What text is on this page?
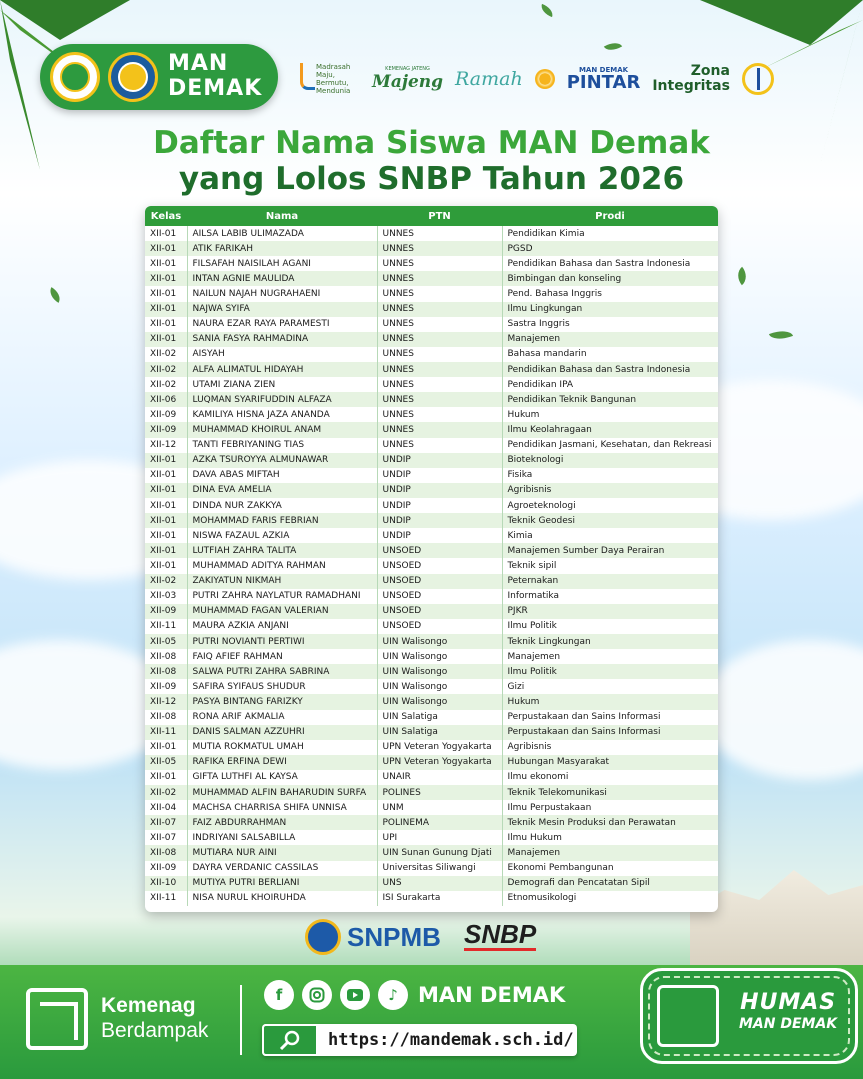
MAN
DEMAK
Madrasah Maju, Bermutu, Mendunia
KEMENAG JATENG
Majeng Ramah	MAN DEMAK
PINTAR
Zona
Integritas
Daftar Nama Siswa MAN Demak
yang Lolos SNBP Tahun 2026
Kelas	Nama	PTN	Prodi
XII-01	AILSA LABIB ULIMAZADA	UNNES	Pendidikan Kimia
XII-01	ATIK FARIKAH	UNNES	PGSD
XII-01	FILSAFAH NAISILAH AGANI	UNNES	Pendidikan Bahasa dan Sastra Indonesia
XII-01	INTAN AGNIE MAULIDA	UNNES	Bimbingan dan konseling
XII-01	NAILUN NAJAH NUGRAHAENI	UNNES	Pend. Bahasa Inggris
XII-01	NAJWA SYIFA	UNNES	Ilmu Lingkungan
XII-01	NAURA EZAR RAYA PARAMESTI	UNNES	Sastra Inggris
XII-01	SANIA FASYA RAHMADINA	UNNES	Manajemen
XII-02	AISYAH	UNNES	Bahasa mandarin
XII-02	ALFA ALIMATUL HIDAYAH	UNNES	Pendidikan Bahasa dan Sastra Indonesia
XII-02	UTAMI ZIANA ZIEN	UNNES	Pendidikan IPA
XII-06	LUQMAN SYARIFUDDIN ALFAZA	UNNES	Pendidikan Teknik Bangunan
XII-09	KAMILIYA HISNA JAZA ANANDA	UNNES	Hukum
XII-09	MUHAMMAD KHOIRUL ANAM	UNNES	Ilmu Keolahragaan
XII-12	TANTI FEBRIYANING TIAS	UNNES	Pendidikan Jasmani, Kesehatan, dan Rekreasi
XII-01	AZKA TSUROYYA ALMUNAWAR	UNDIP	Bioteknologi
XII-01	DAVA ABAS MIFTAH	UNDIP	Fisika
XII-01	DINA EVA AMELIA	UNDIP	Agribisnis
XII-01	DINDA NUR ZAKKYA	UNDIP	Agroeteknologi
XII-01	MOHAMMAD FARIS FEBRIAN	UNDIP	Teknik Geodesi
XII-01	NISWA FAZAUL AZKIA	UNDIP	Kimia
XII-01	LUTFIAH ZAHRA TALITA	UNSOED	Manajemen Sumber Daya Perairan
XII-01	MUHAMMAD ADITYA RAHMAN	UNSOED	Teknik sipil
XII-02	ZAKIYATUN NIKMAH	UNSOED	Peternakan
XII-03	PUTRI ZAHRA NAYLATUR RAMADHANI	UNSOED	Informatika
XII-09	MUHAMMAD FAGAN VALERIAN	UNSOED	PJKR
XII-11	MAURA AZKIA ANJANI	UNSOED	Ilmu Politik
XII-05	PUTRI NOVIANTI PERTIWI	UIN Walisongo	Teknik Lingkungan
XII-08	FAIQ AFIEF RAHMAN	UIN Walisongo	Manajemen
XII-08	SALWA PUTRI ZAHRA SABRINA	UIN Walisongo	Ilmu Politik
XII-09	SAFIRA SYIFAUS SHUDUR	UIN Walisongo	Gizi
XII-12	PASYA BINTANG FARIZKY	UIN Walisongo	Hukum
XII-08	RONA ARIF AKMALIA	UIN Salatiga	Perpustakaan dan Sains Informasi
XII-11	DANIS SALMAN AZZUHRI	UIN Salatiga	Perpustakaan dan Sains Informasi
XII-01	MUTIA ROKMATUL UMAH	UPN Veteran Yogyakarta	Agribisnis
XII-05	RAFIKA ERFINA DEWI	UPN Veteran Yogyakarta	Hubungan Masyarakat
XII-01	GIFTA LUTHFI AL KAYSA	UNAIR	Ilmu ekonomi
XII-02	MUHAMMAD ALFIN BAHARUDIN SURFA	POLINES	Teknik Telekomunikasi
XII-04	MACHSA CHARRISA SHIFA UNNISA	UNM	Ilmu Perpustakaan
XII-07	FAIZ ABDURRAHMAN	POLINEMA	Teknik Mesin Produksi dan Perawatan
XII-07	INDRIYANI SALSABILLA	UPI	Ilmu Hukum
XII-08	MUTIARA NUR AINI	UIN Sunan Gunung Djati	Manajemen
XII-09	DAYRA VERDANIC CASSILAS	Universitas Siliwangi	Ekonomi Pembangunan
XII-10	MUTIYA PUTRI BERLIANI	UNS	Demografi dan Pencatatan Sipil
XII-11	NISA NURUL KHOIRUHDA	ISI Surakarta	Etnomusikologi
SNPMB SNBP
Kemenag
Berdampak
f	♪ MAN DEMAK
https://mandemak.sch.id/
HUMAS
MAN DEMAK
